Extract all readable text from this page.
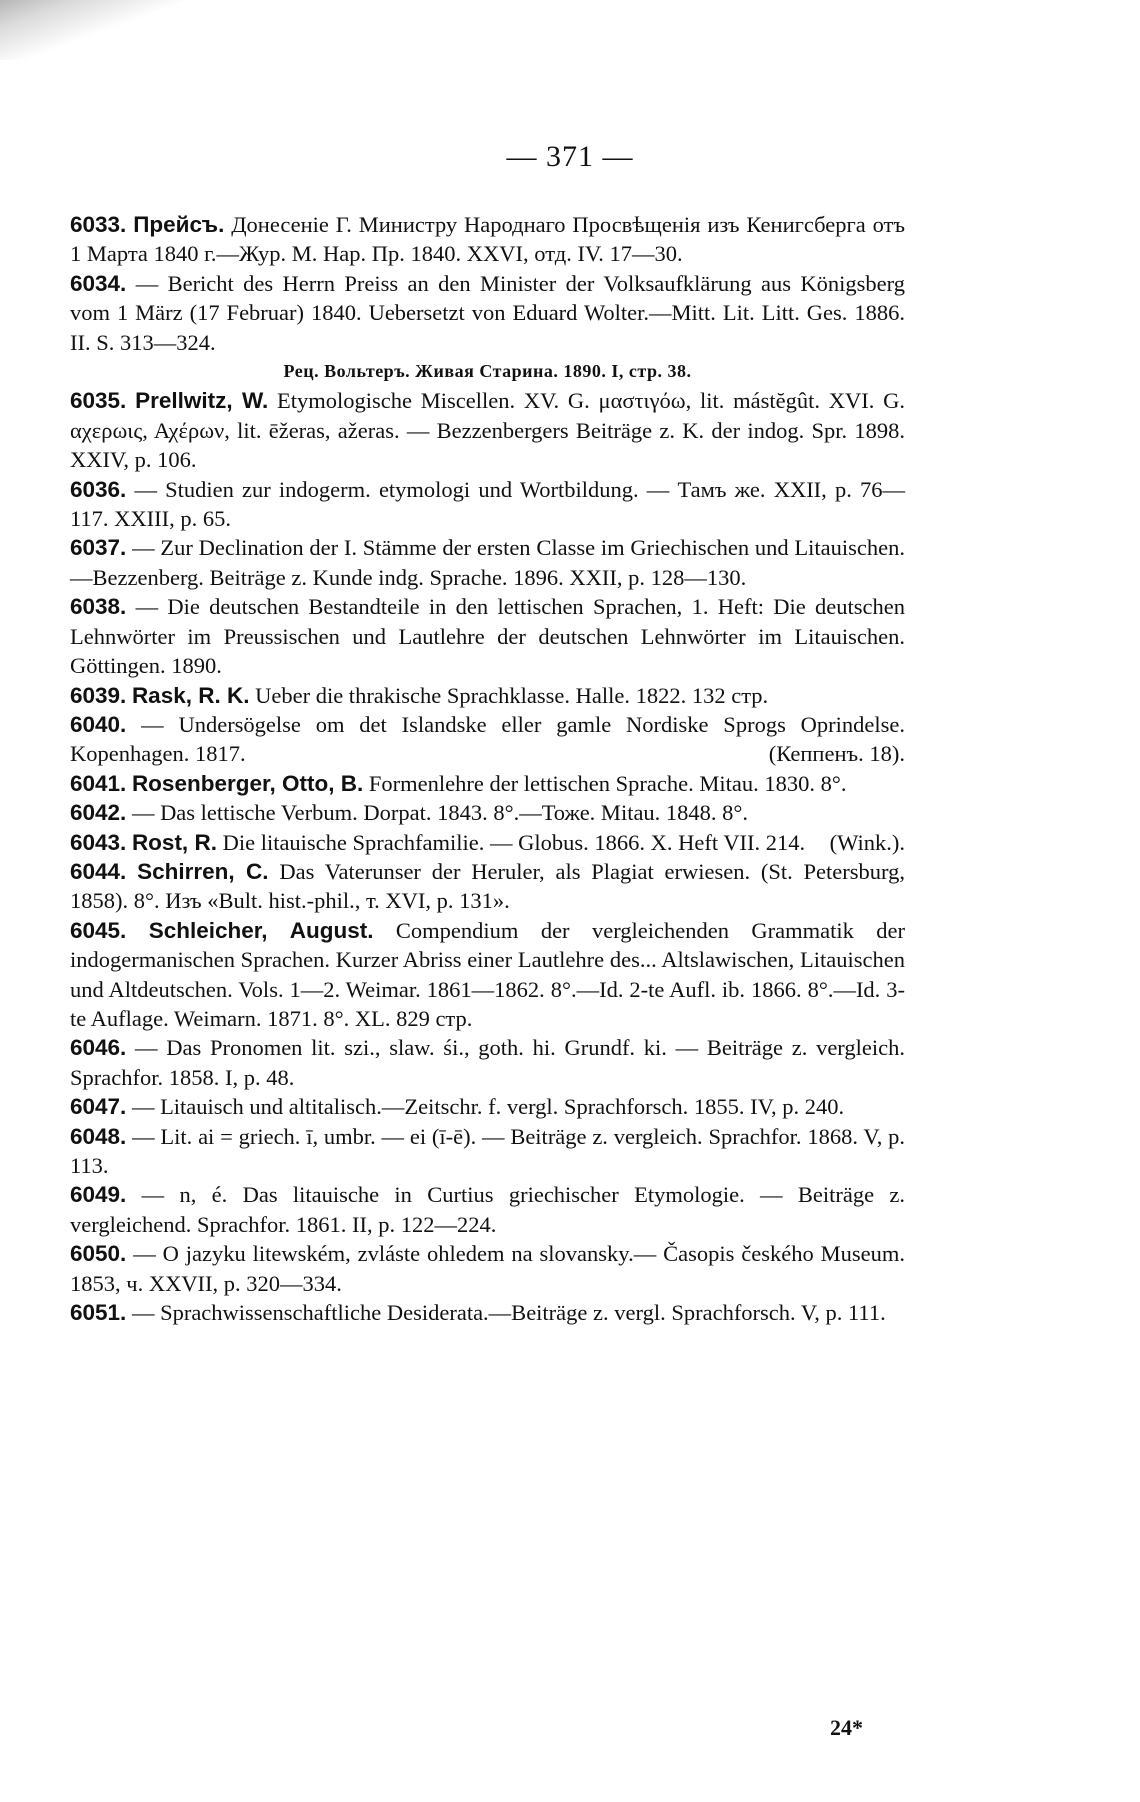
— 371 —

6033. Прейсъ. Донесеніе Г. Министру Народнаго Просвѣщенія изъ Кенигсберга отъ 1 Марта 1840 г.—Жур. М. Нар. Пр. 1840. XXVI, отд. IV. 17—30.

6034. — Bericht des Herrn Preiss an den Minister der Volksaufklärung aus Königsberg vom 1 März (17 Februar) 1840. Uebersetzt von Eduard Wolter.—Mitt. Lit. Litt. Ges. 1886. II. S. 313—324.

Рец. Вольтеръ. Живая Старина. 1890. I, стр. 38.

6035. Prellwitz, W. Etymologische Miscellen. XV. G. μαστιγόω, lit. mástĕgût. XVI. G. αχερωις, Αχέρων, lit. ēžeras, ažeras. — Bezzenbergers Beiträge z. K. der indog. Spr. 1898. XXIV, p. 106.

6036. — Studien zur indogerm. etymologi und Wortbildung. — Тамъ же. XXII, p. 76—117. XXIII, p. 65.

6037. — Zur Declination der I. Stämme der ersten Classe im Griechischen und Litauischen.—Bezzenberg. Beiträge z. Kunde indg. Sprache. 1896. XXII, p. 128—130.

6038. — Die deutschen Bestandteile in den lettischen Sprachen, 1. Heft: Die deutschen Lehnwörter im Preussischen und Lautlehre der deutschen Lehnwörter im Litauischen. Göttingen. 1890.

6039. Rask, R. K. Ueber die thrakische Sprachklasse. Halle. 1822. 132 стр.

6040. — Undersögelse om det Islandske eller gamle Nordiske Sprogs Oprindelse. Kopenhagen. 1817.	(Кеппенъ. 18).

6041. Rosenberger, Otto, B. Formenlehre der lettischen Sprache. Mitau. 1830. 8°.

6042. — Das lettische Verbum. Dorpat. 1843. 8°.—Тоже. Mitau. 1848. 8°.

6043. Rost, R. Die litauische Sprachfamilie. — Globus. 1866. X. Heft VII. 214. (Wink.).

6044. Schirren, C. Das Vaterunser der Heruler, als Plagiat erwiesen. (St. Petersburg, 1858). 8°. Изъ «Bult. hist.-phil., т. XVI, p. 131».

6045. Schleicher, August. Compendium der vergleichenden Grammatik der indogermanischen Sprachen. Kurzer Abriss einer Lautlehre des... Altslawischen, Litauischen und Altdeutschen. Vols. 1—2. Weimar. 1861—1862. 8°.—Id. 2-te Aufl. ib. 1866. 8°.—Id. 3-te Auflage. Weimarn. 1871. 8°. XL. 829 стр.

6046. — Das Pronomen lit. szi., slaw. śi., goth. hi. Grundf. ki. — Beiträge z. vergleich. Sprachfor. 1858. I, p. 48.

6047. — Litauisch und altitalisch.—Zeitschr. f. vergl. Sprachforsch. 1855. IV, p. 240.

6048. — Lit. ai = griech. ī, umbr. — ei (ī-ē). — Beiträge z. vergleich. Sprachfor. 1868. V, p. 113.

6049. — n, é. Das litauische in Curtius griechischer Etymologie. — Beiträge z. vergleichend. Sprachfor. 1861. II, p. 122—224.

6050. — O jazyku litewském, zvláste ohledem na slovansky.— Časopis českého Museum. 1853, ч. XXVII, p. 320—334.

6051. — Sprachwissenschaftliche Desiderata.—Beiträge z. vergl. Sprachforsch. V, p. 111.

24*
